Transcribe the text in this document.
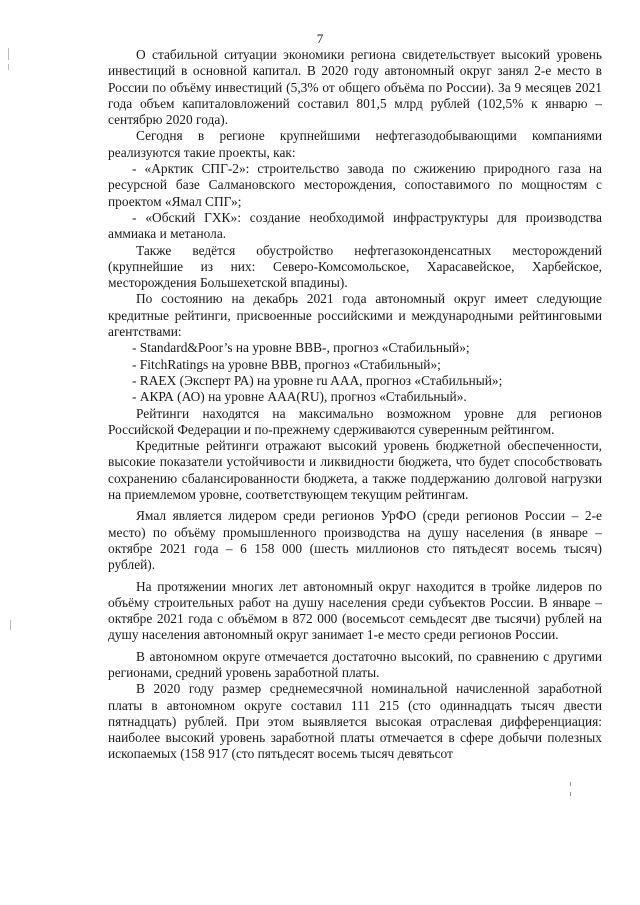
7

О стабильной ситуации экономики региона свидетельствует высокий уровень инвестиций в основной капитал. В 2020 году автономный округ занял 2-е место в России по объёму инвестиций (5,3% от общего объёма по России). За 9 месяцев 2021 года объем капиталовложений составил 801,5 млрд рублей (102,5% к январю – сентябрю 2020 года).

Сегодня в регионе крупнейшими нефтегазодобывающими компаниями реализуются такие проекты, как:

- «Арктик СПГ-2»: строительство завода по сжижению природного газа на ресурсной базе Салмановского месторождения, сопоставимого по мощностям с проектом «Ямал СПГ»;

- «Обский ГХК»: создание необходимой инфраструктуры для производства аммиака и метанола.

Также ведётся обустройство нефтегазоконденсатных месторождений (крупнейшие из них: Северо-Комсомольское, Харасавейское, Харбейское, месторождения Большехетской впадины).

По состоянию на декабрь 2021 года автономный округ имеет следующие кредитные рейтинги, присвоенные российскими и международными рейтинговыми агентствами:

- Standard&Poor’s на уровне BBB-, прогноз «Стабильный»;

- FitchRatings на уровне BBB, прогноз «Стабильный»;

- RAEX (Эксперт РА) на уровне ru AAA, прогноз «Стабильный»;

- АКРА (АО) на уровне AAA(RU), прогноз «Стабильный».

Рейтинги находятся на максимально возможном уровне для регионов Российской Федерации и по-прежнему сдерживаются суверенным рейтингом.

Кредитные рейтинги отражают высокий уровень бюджетной обеспеченности, высокие показатели устойчивости и ликвидности бюджета, что будет способствовать сохранению сбалансированности бюджета, а также поддержанию долговой нагрузки на приемлемом уровне, соответствующем текущим рейтингам.

Ямал является лидером среди регионов УрФО (среди регионов России – 2-е место) по объёму промышленного производства на душу населения (в январе – октябре 2021 года – 6 158 000 (шесть миллионов сто пятьдесят восемь тысяч) рублей).

На протяжении многих лет автономный округ находится в тройке лидеров по объёму строительных работ на душу населения среди субъектов России. В январе – октябре 2021 года с объёмом в 872 000 (восемьсот семьдесят две тысячи) рублей на душу населения автономный округ занимает 1-е место среди регионов России.

В автономном округе отмечается достаточно высокий, по сравнению с другими регионами, средний уровень заработной платы.

В 2020 году размер среднемесячной номинальной начисленной заработной платы в автономном округе составил 111 215 (сто одиннадцать тысяч двести пятнадцать) рублей. При этом выявляется высокая отраслевая дифференциация: наиболее высокий уровень заработной платы отмечается в сфере добычи полезных ископаемых (158 917 (сто пятьдесят восемь тысяч девятьсот
